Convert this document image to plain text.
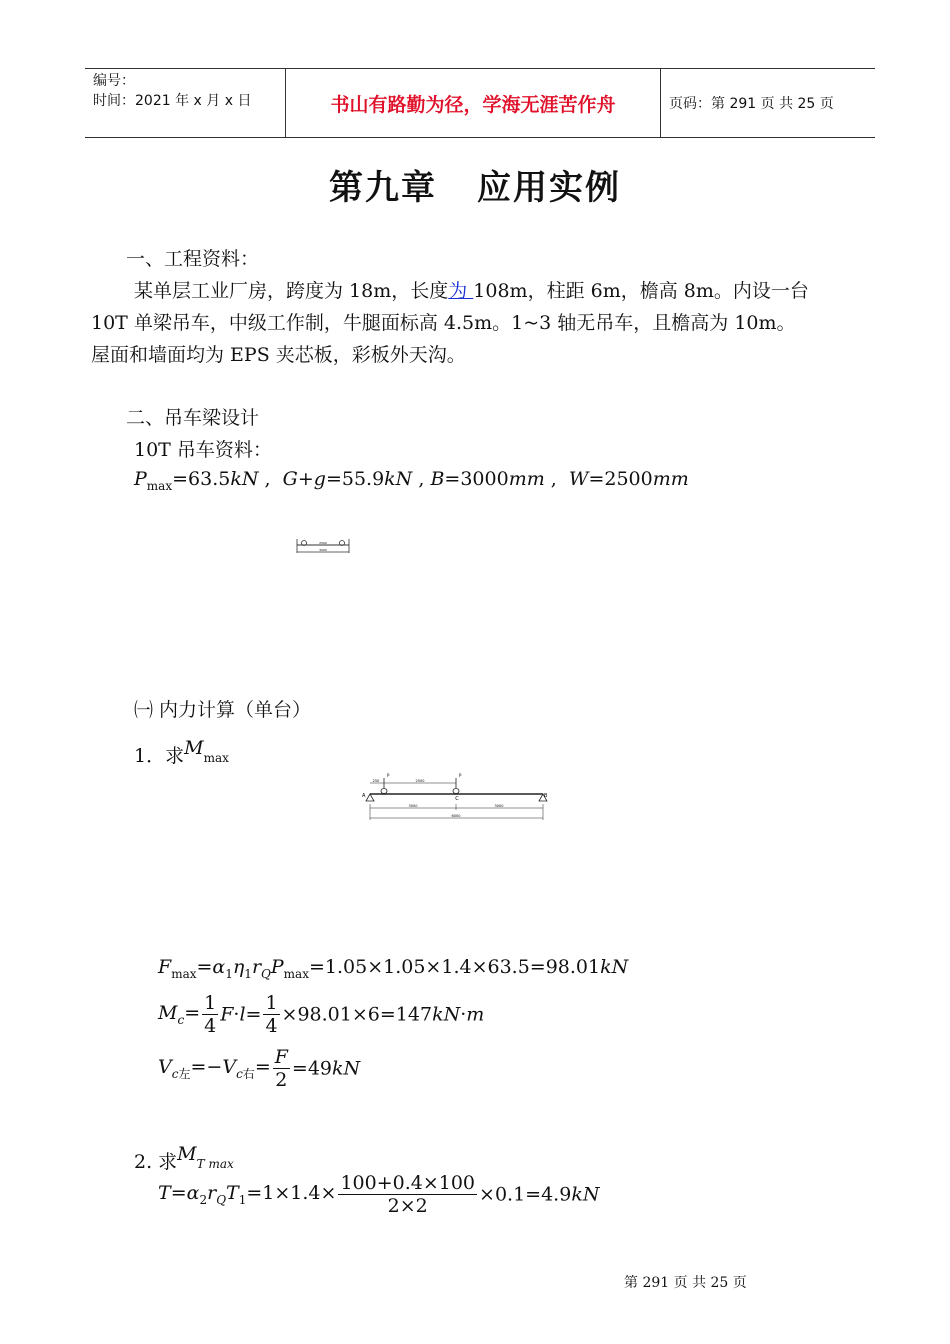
编号：
时间：2021 年 x 月 x 日	书山有路勤为径，学海无涯苦作舟	页码：第 291 页 共 25 页
第九章 应用实例
一、工程资料：
某单层工业厂房，跨度为 18m，长度为 108m，柱距 6m，檐高 8m。内设一台
10T 单梁吊车，中级工作制，牛腿面标高 4.5m。1~3 轴无吊车，且檐高为 10m。
屋面和墙面均为 EPS 夹芯板，彩板外天沟。
二、吊车梁设计
10T 吊车资料：
$P_{max}=63.5kN$ ,  G+g=55.9kN , B=3000mm ,  W=2500mm
2500
3000
㈠ 内力计算（单台）
1．求Mmax
A	B
C
P	P
250	2500
3000	3000
6000
$F_{max}=\alpha_1\eta_1r_QP_{max}=1.05\times 1.05\times 1.4\times 63.5=98.01kN$
$M_c= \frac{1}{4} F\cdot l= \frac{1}{4} \times 98.01\times 6=147kN\cdot m$
$V_{c左}=-V_{c右}= \frac{F}{2} =49kN$
2. 求MT max
$T=\alpha_2r_QT_1=1\times 1.4\times \frac{100+0.4\times 100}{2\times 2} \times 0.1=4.9kN$
第 291 页 共 25 页
